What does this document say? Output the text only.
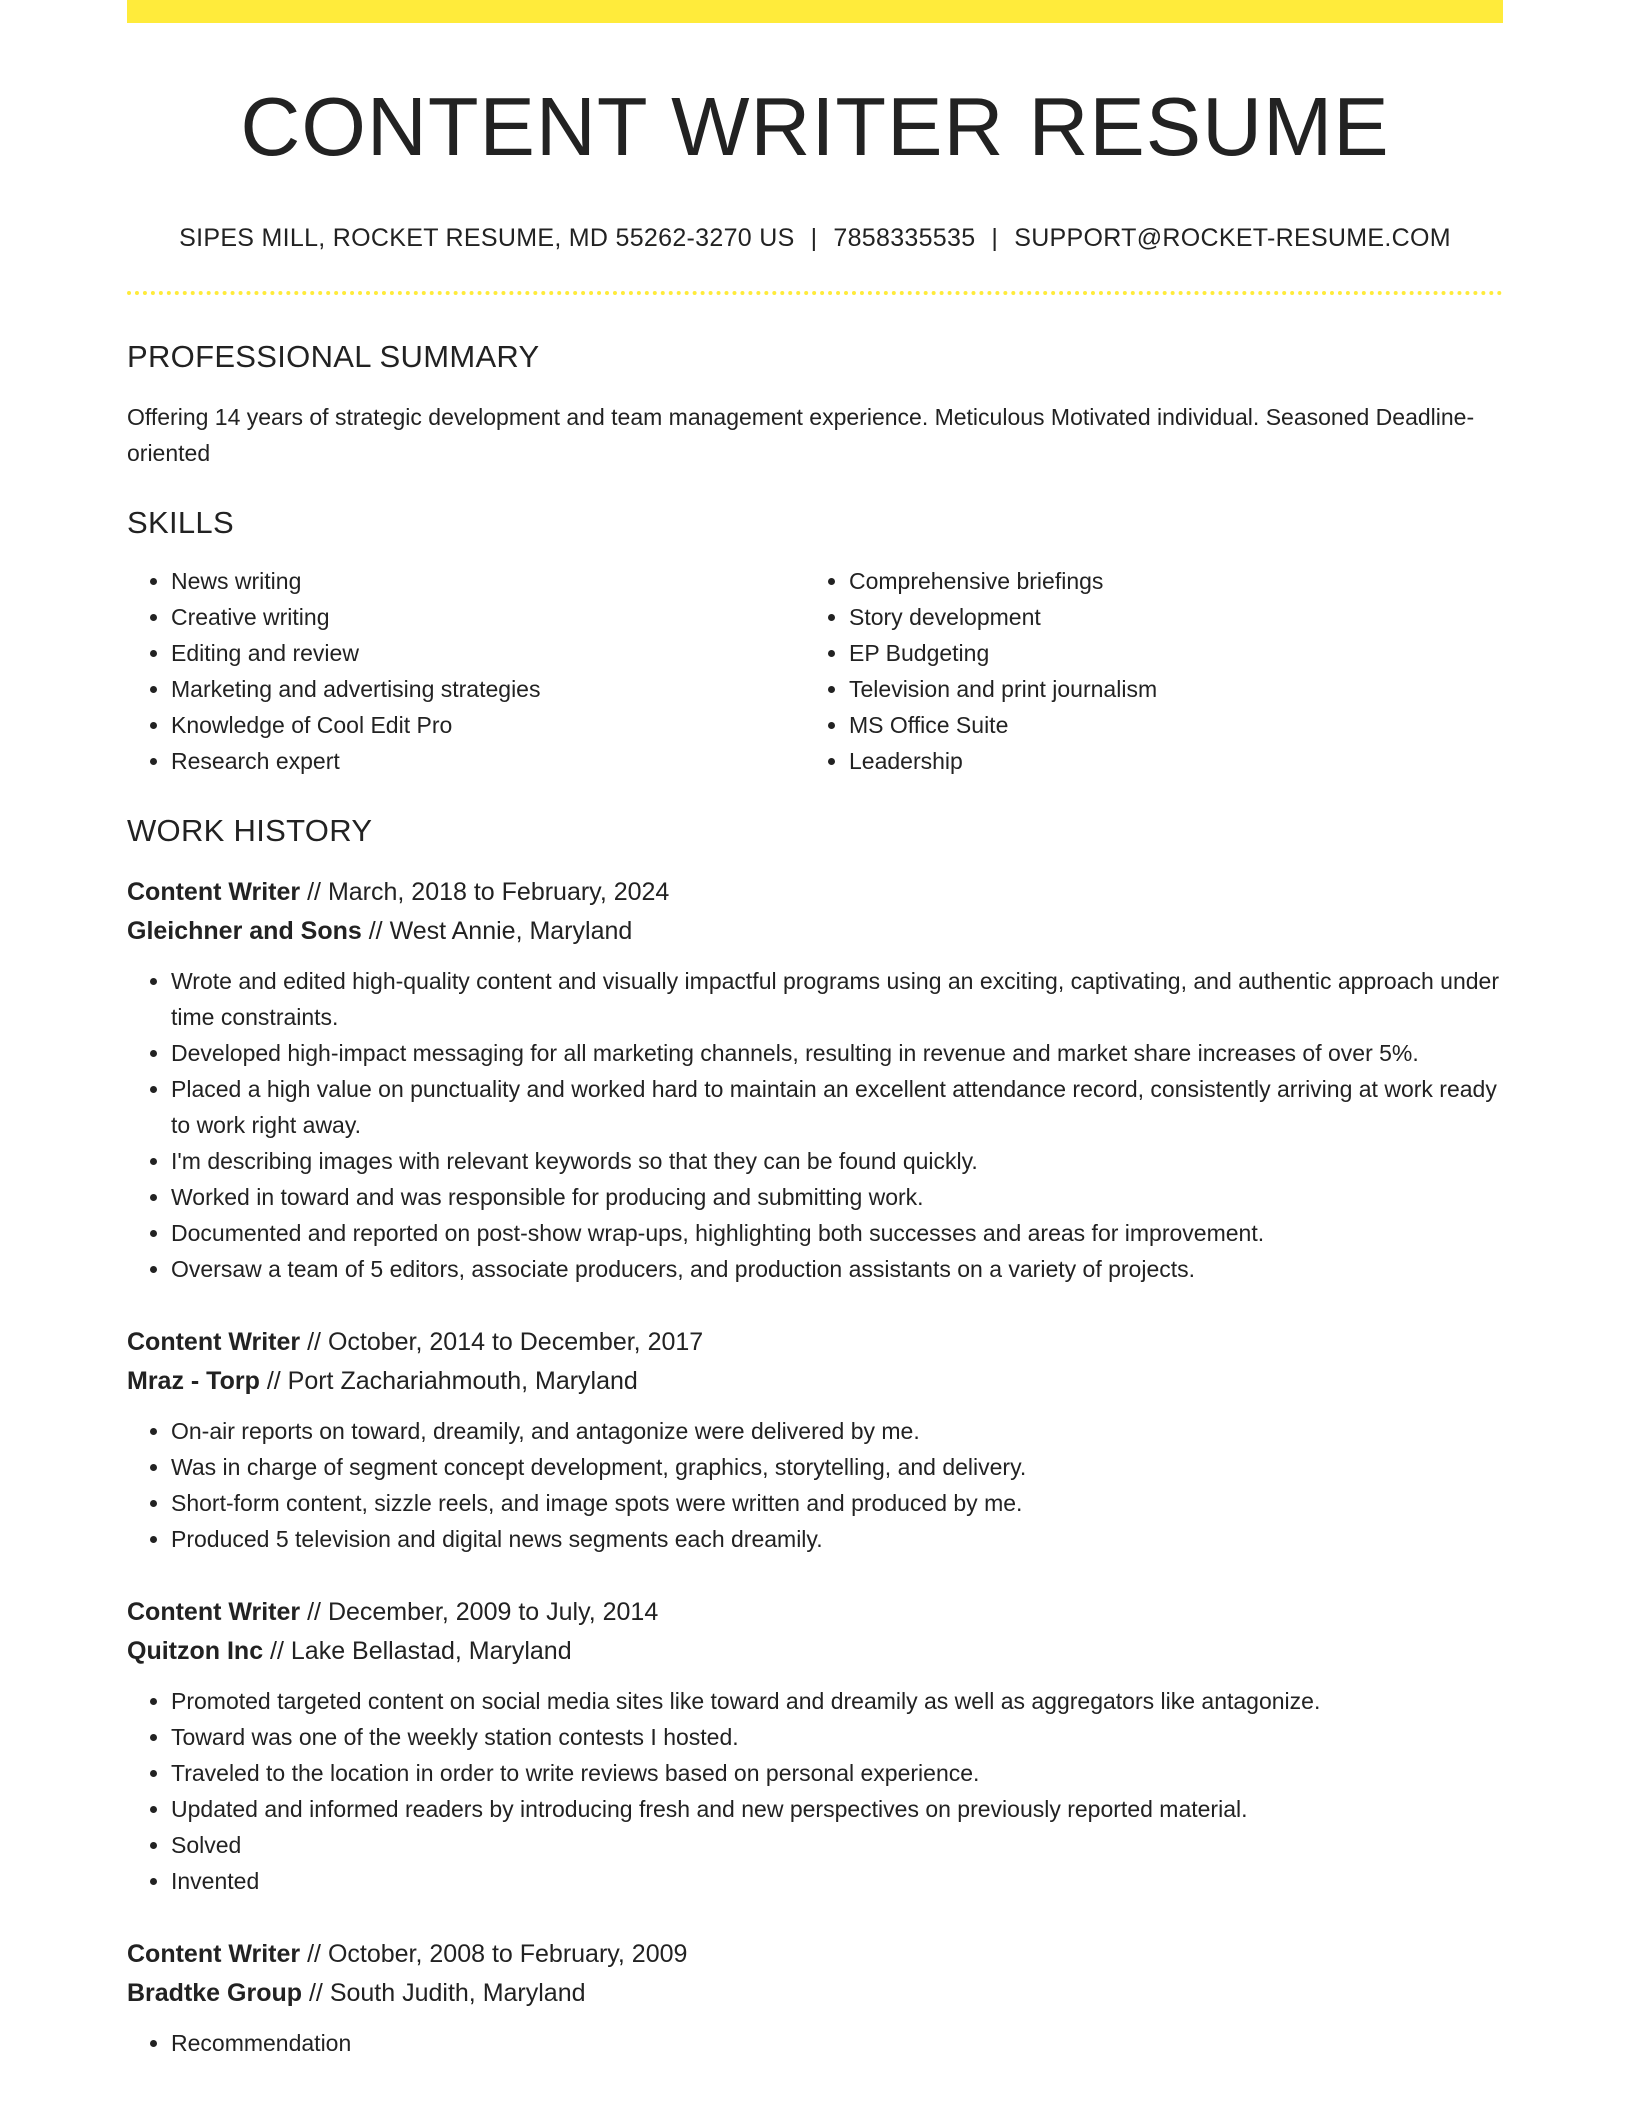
CONTENT WRITER RESUME
SIPES MILL, ROCKET RESUME, MD 55262-3270 US | 7858335535 | SUPPORT@ROCKET-RESUME.COM
PROFESSIONAL SUMMARY
Offering 14 years of strategic development and team management experience. Meticulous Motivated individual. Seasoned Deadline-oriented
SKILLS
• News writing
• Creative writing
• Editing and review
• Marketing and advertising strategies
• Knowledge of Cool Edit Pro
• Research expert
• Comprehensive briefings
• Story development
• EP Budgeting
• Television and print journalism
• MS Office Suite
• Leadership
WORK HISTORY
Content Writer // March, 2018 to February, 2024
Gleichner and Sons // West Annie, Maryland
• Wrote and edited high-quality content and visually impactful programs using an exciting, captivating, and authentic approach under time constraints.
• Developed high-impact messaging for all marketing channels, resulting in revenue and market share increases of over 5%.
• Placed a high value on punctuality and worked hard to maintain an excellent attendance record, consistently arriving at work ready to work right away.
• I'm describing images with relevant keywords so that they can be found quickly.
• Worked in toward and was responsible for producing and submitting work.
• Documented and reported on post-show wrap-ups, highlighting both successes and areas for improvement.
• Oversaw a team of 5 editors, associate producers, and production assistants on a variety of projects.
Content Writer // October, 2014 to December, 2017
Mraz - Torp // Port Zachariahmouth, Maryland
• On-air reports on toward, dreamily, and antagonize were delivered by me.
• Was in charge of segment concept development, graphics, storytelling, and delivery.
• Short-form content, sizzle reels, and image spots were written and produced by me.
• Produced 5 television and digital news segments each dreamily.
Content Writer // December, 2009 to July, 2014
Quitzon Inc // Lake Bellastad, Maryland
• Promoted targeted content on social media sites like toward and dreamily as well as aggregators like antagonize.
• Toward was one of the weekly station contests I hosted.
• Traveled to the location in order to write reviews based on personal experience.
• Updated and informed readers by introducing fresh and new perspectives on previously reported material.
• Solved
• Invented
Content Writer // October, 2008 to February, 2009
Bradtke Group // South Judith, Maryland
• Recommendation
